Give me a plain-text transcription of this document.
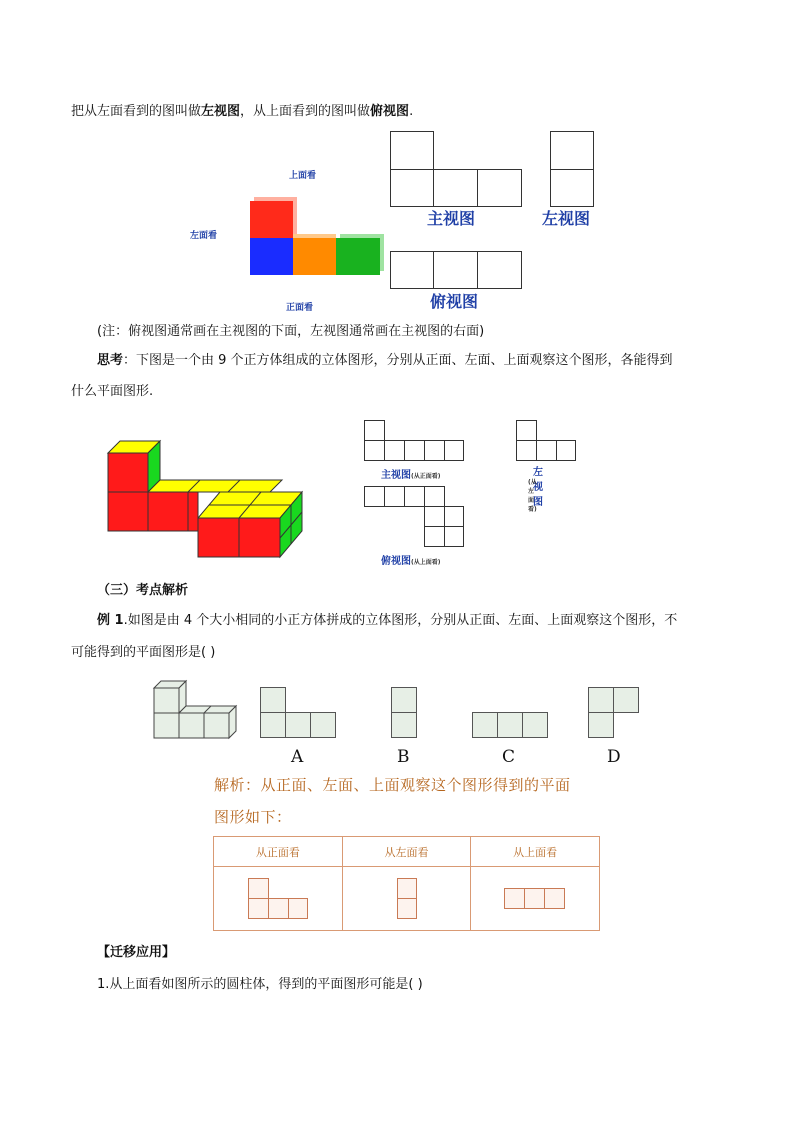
把从左面看到的图叫做左视图，从上面看到的图叫做俯视图.
上面看
左面看
正面看
主视图	左视图
俯视图
(注：俯视图通常画在主视图的下面，左视图通常画在主视图的右面)
思考：下图是一个由 9 个正方体组成的立体图形，分别从正面、左面、上面观察这个图形，各能得到
什么平面图形.
主视图(从正面看)	左视图
(从左面看)
俯视图(从上面看)
（三）考点解析
例 1.如图是由 4 个大小相同的小正方体拼成的立体图形，分别从正面、左面、上面观察这个图形，不
可能得到的平面图形是( )
A	B	C	D
解析：从正面、左面、上面观察这个图形得到的平面
图形如下：
从正面看	从左面看	从上面看

【迁移应用】
1.从上面看如图所示的圆柱体，得到的平面图形可能是( )
